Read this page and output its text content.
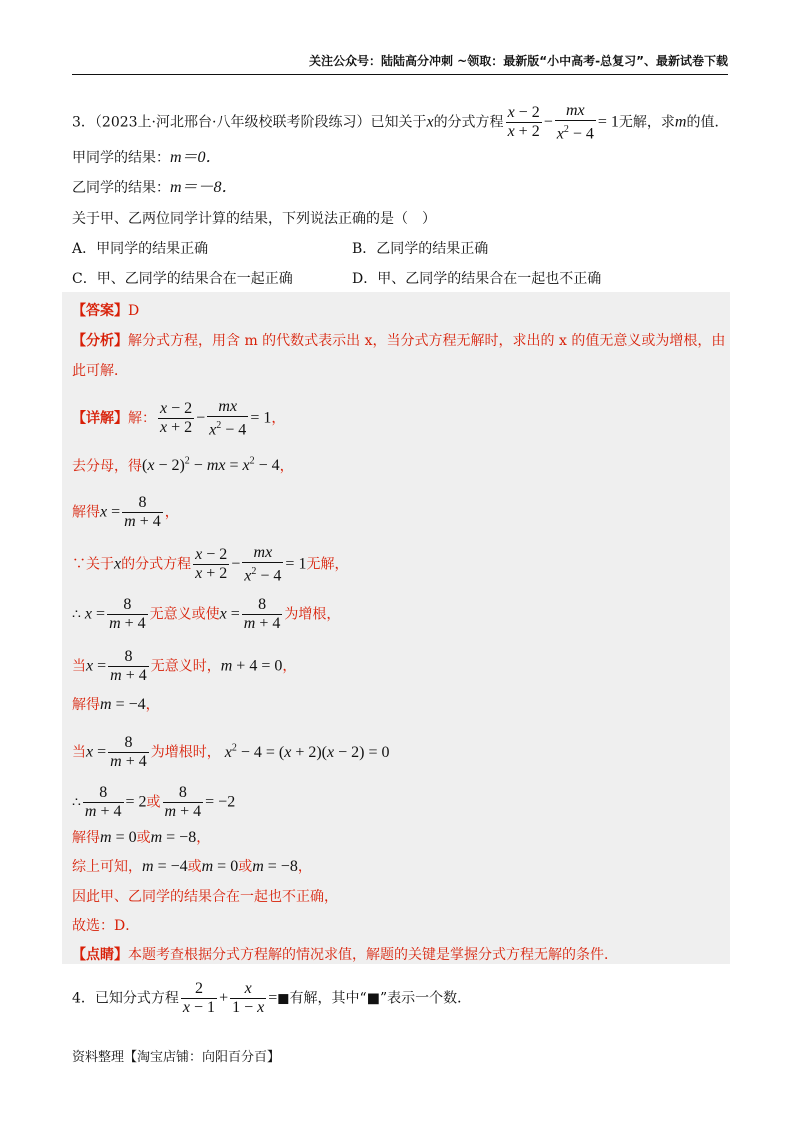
关注公众号：陆陆高分冲刺 ~领取：最新版“小中高考-总复习”、最新试卷下载
3．（2023上·河北邢台·八年级校联考阶段练习）已知关于x的分式方程 $\frac{x - 2}{x + 2} - \frac{mx}{x^2 - 4} = 1$无解，求m的值．
甲同学的结果：m＝0．
乙同学的结果：m＝－8．
关于甲、乙两位同学计算的结果，下列说法正确的是（　）
A．甲同学的结果正确	B．乙同学的结果正确
C．甲、乙同学的结果合在一起正确	D．甲、乙同学的结果合在一起也不正确
【答案】D
【分析】解分式方程，用含 m 的代数式表示出 x，当分式方程无解时，求出的 x 的值无意义或为增根，由
此可解．
【详解】解： $\frac{x - 2}{x + 2} - \frac{mx}{x^2 - 4} = 1$，
去分母，得$(x - 2)^2$ − mx = $x^2 - 4$，
解得$x = \frac{8}{m + 4}$ ，
∵关于x的分式方程 $\frac{x - 2}{x + 2} - \frac{mx}{x^2 - 4} = 1$无解，
∴ $x = \frac{8}{m + 4}$ 无意义或使$x = \frac{8}{m + 4}$ 为增根，
当$x = \frac{8}{m + 4}$ 无意义时，m + 4 = 0，
解得m = −4，
当$x = \frac{8}{m + 4}$ 为增根时， $x^2 - 4 = (x + 2)(x - 2) = 0$
∴ $\frac{8}{m + 4} = 2$或 $\frac{8}{m + 4} = -2$
解得m = 0或m = −8，
综上可知，m = −4或m = 0或m = −8，
因此甲、乙同学的结果合在一起也不正确，
故选：D．
【点睛】本题考查根据分式方程解的情况求值，解题的关键是掌握分式方程无解的条件．
4．已知分式方程 $\frac{2}{x - 1} + \frac{x}{1 - x}$ =■有解，其中“■”表示一个数．
资料整理【淘宝店铺：向阳百分百】
